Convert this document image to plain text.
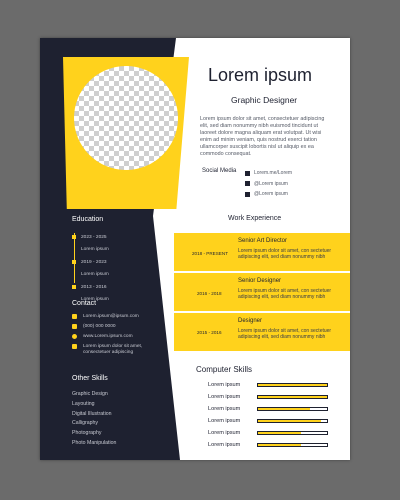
Lorem ipsum
Graphic Designer
Lorem ipsum dolor sit amet, consectetuer adipiscing elit, sed diam nonummy nibh euismod tincidunt ut laoreet dolore magna aliquam erat volutpat. Ut wisi enim ad minim veniam, quis nostrud exerci tation ullamcorper suscipit lobortis nisl ut aliquip ex ea commodo consequat.
Social Media	Lorem.me/Lorem
@Lorem ipsum
@Lorem ipsum
Education
2023 - 2025
Lorem ipsum
2019 - 2023
Lorem ipsum
2013 - 2016
Lorem ipsum
Contact
Lorem.ipsum@ipsum.com
(000) 000 0000
www.Lorem.ipsum.com
Lorem ipsum dolor sit amet, consectetuer adipiscing
Other Skills
Graphic Design
Layouting
Digital Illustration
Calligraphy
Photography
Photo Manipulation
Work Experience
2018 - PRESENT
Senior Art Director
Lorem ipsum dolor sit amet, con sectetuer adipiscing elit, sed diam nonummy nibh
2016 - 2018
Senior Designer
Lorem ipsum dolor sit amet, con sectetuer adipiscing elit, sed diam nonummy nibh
2015 - 2016
Designer
Lorem ipsum dolor sit amet, con sectetuer adipiscing elit, sed diam nonummy nibh
Computer Skills
Lorem ipsum
Lorem ipsum
Lorem ipsum
Lorem ipsum
Lorem ipsum
Lorem ipsum	Adobe Stock | #334341168
